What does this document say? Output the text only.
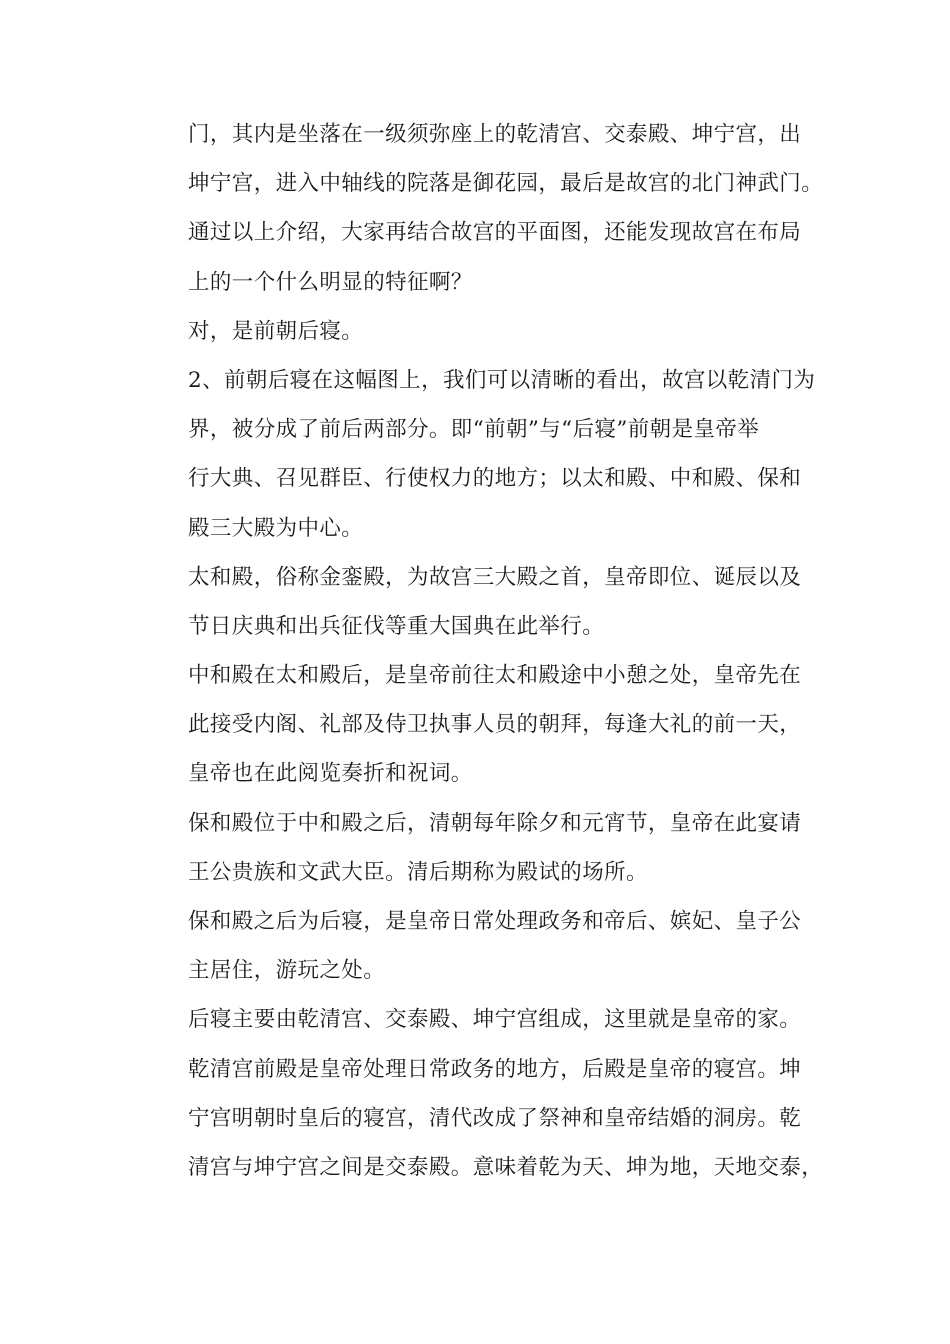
门，其内是坐落在一级须弥座上的乾清宫、交泰殿、坤宁宫，出
坤宁宫，进入中轴线的院落是御花园，最后是故宫的北门神武门。
通过以上介绍，大家再结合故宫的平面图，还能发现故宫在布局
上的一个什么明显的特征啊？
对，是前朝后寝。
2、前朝后寝在这幅图上，我们可以清晰的看出，故宫以乾清门为
界，被分成了前后两部分。即“前朝”与“后寝”前朝是皇帝举
行大典、召见群臣、行使权力的地方；以太和殿、中和殿、保和
殿三大殿为中心。
太和殿，俗称金銮殿，为故宫三大殿之首，皇帝即位、诞辰以及
节日庆典和出兵征伐等重大国典在此举行。
中和殿在太和殿后，是皇帝前往太和殿途中小憩之处，皇帝先在
此接受内阁、礼部及侍卫执事人员的朝拜，每逢大礼的前一天，
皇帝也在此阅览奏折和祝词。
保和殿位于中和殿之后，清朝每年除夕和元宵节，皇帝在此宴请
王公贵族和文武大臣。清后期称为殿试的场所。
保和殿之后为后寝，是皇帝日常处理政务和帝后、嫔妃、皇子公
主居住，游玩之处。
后寝主要由乾清宫、交泰殿、坤宁宫组成，这里就是皇帝的家。
乾清宫前殿是皇帝处理日常政务的地方，后殿是皇帝的寝宫。坤
宁宫明朝时皇后的寝宫，清代改成了祭神和皇帝结婚的洞房。乾
清宫与坤宁宫之间是交泰殿。意味着乾为天、坤为地，天地交泰，
